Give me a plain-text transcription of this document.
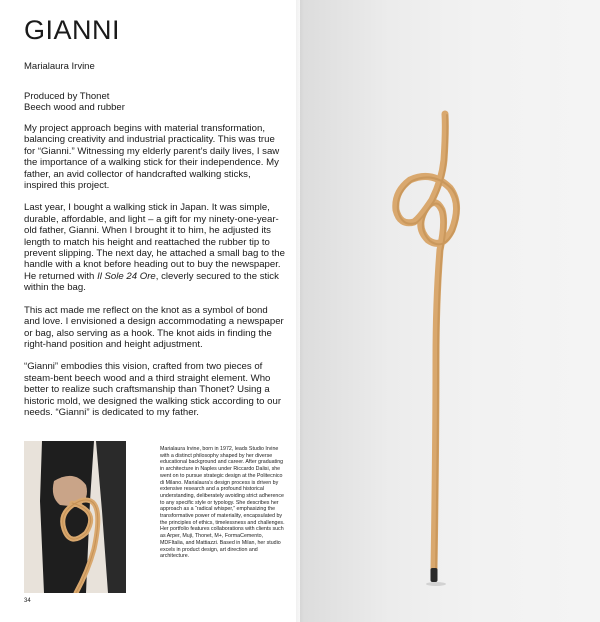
GIANNI
Marialaura Irvine
Produced by Thonet
Beech wood and rubber

My project approach begins with material transformation, balancing creativity and industrial practicality. This was true for “Gianni.” Witnessing my elderly parent’s daily lives, I saw the importance of a walking stick for their independence. My father, an avid collector of handcrafted walking sticks, inspired this project.

Last year, I bought a walking stick in Japan. It was simple, durable, affordable, and light – a gift for my ninety-one-year-old father, Gianni. When I brought it to him, he adjusted its length to match his height and reattached the rubber tip to prevent slipping. The next day, he attached a small bag to the handle with a knot before heading out to buy the newspaper. He returned with Il Sole 24 Ore, cleverly secured to the stick within the bag.

This act made me reflect on the knot as a symbol of bond and love. I envisioned a design accommodating a newspaper or bag, also serving as a hook. The knot aids in finding the right-hand position and height adjustment.

“Gianni” embodies this vision, crafted from two pieces of steam-bent beech wood and a third straight element. Who better to realize such craftsmanship than Thonet? Using a historic mold, we designed the walking stick according to our needs. “Gianni” is dedicated to my father.

Marialaura Irvine, born in 1972, leads Studio Irvine with a distinct philosophy shaped by her diverse educational background and career. After graduating in architecture in Naples under Riccardo Dalisi, she went on to pursue strategic design at the Politecnico di Milano. Marialaura’s design process is driven by extensive research and a profound historical understanding, deliberately avoiding strict adherence to any specific style or typology. She describes her approach as a “radical whisper,” emphasizing the transformative power of materiality, encapsulated by the principles of ethics, timelessness and challenges. Her portfolio features collaborations with clients such as Arper, Muji, Thonet, M+, FormaCemento, MDFItalia, and Mattiazzi. Based in Milan, her studio excels in product design, art direction and architecture.
34
